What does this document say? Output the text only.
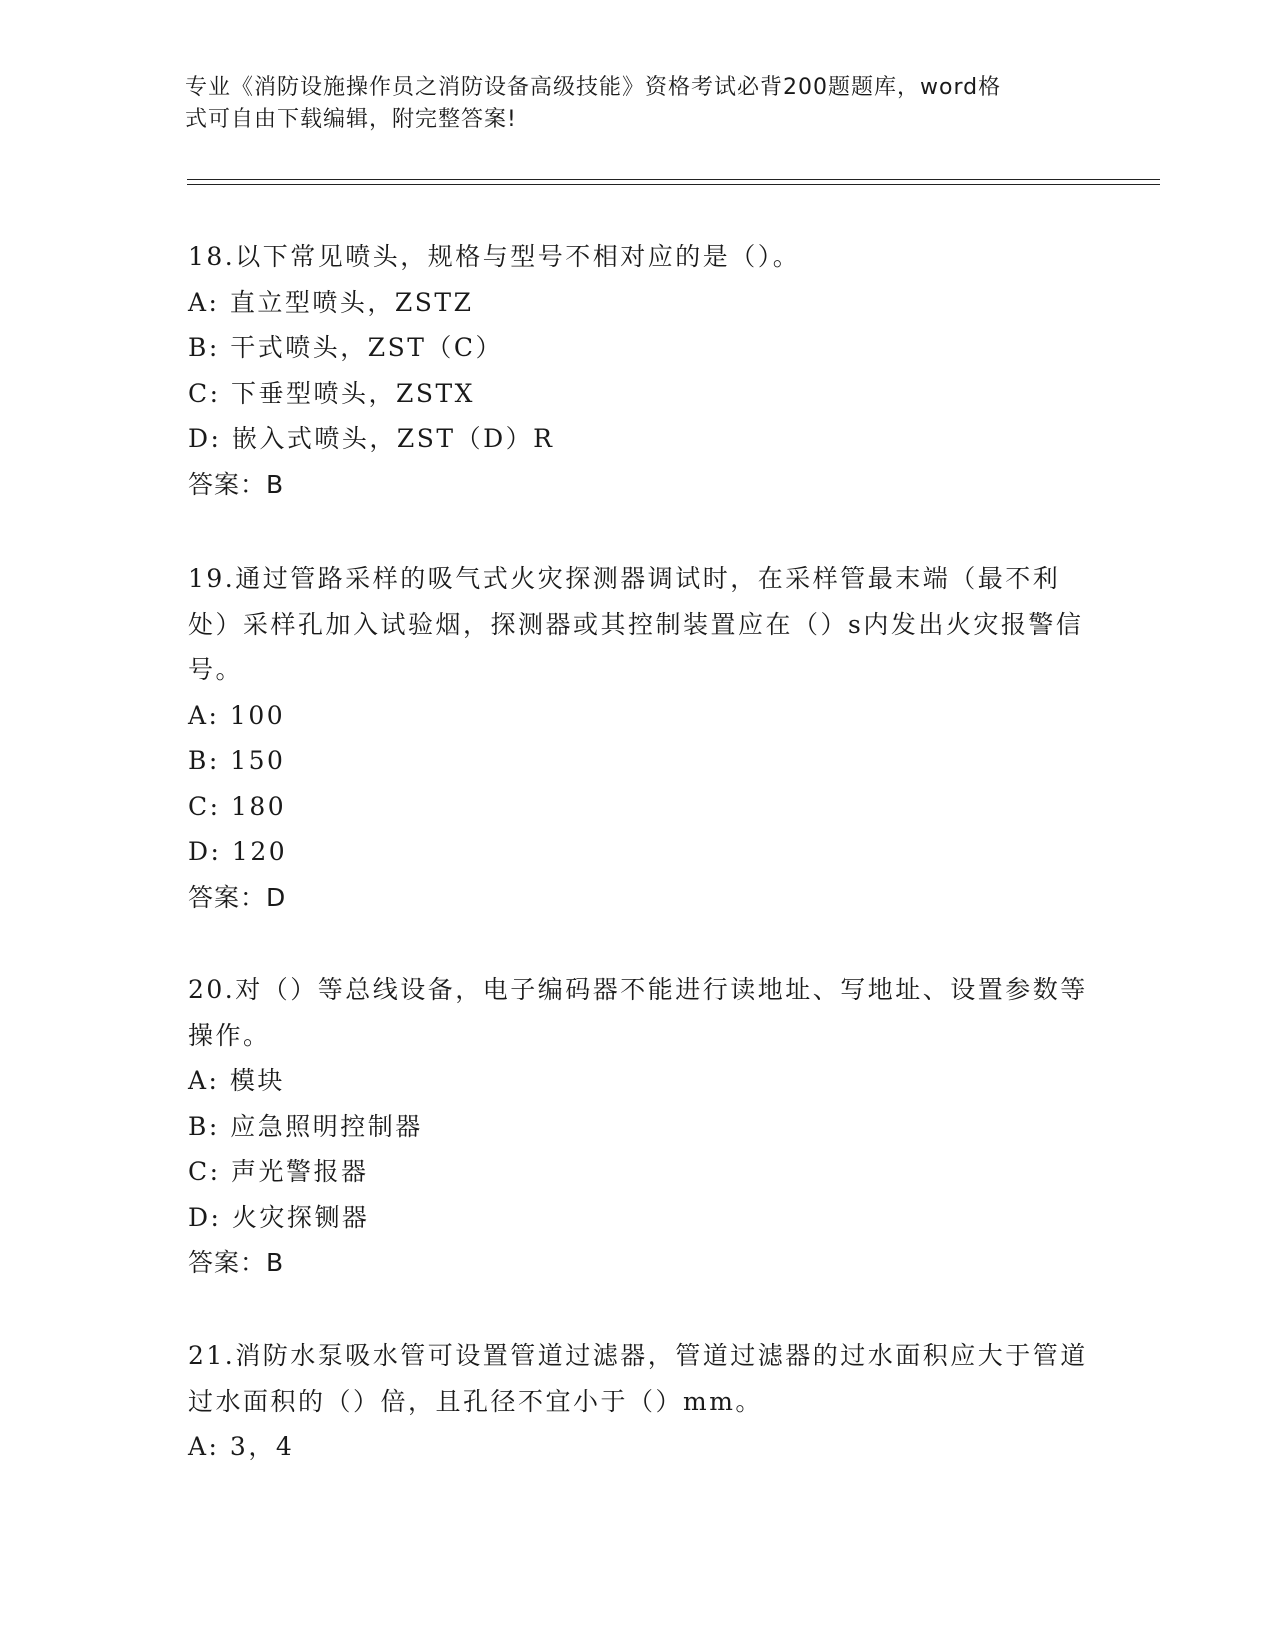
专业《消防设施操作员之消防设备高级技能》资格考试必背200题题库，word格
式可自由下载编辑，附完整答案!

18.以下常见喷头，规格与型号不相对应的是（）。

A: 直立型喷头，ZSTZ

B: 干式喷头，ZST（C）

C: 下垂型喷头，ZSTX

D: 嵌入式喷头，ZST（D）R

答案：B

19.通过管路采样的吸气式火灾探测器调试时，在采样管最末端（最不利处）采样孔加入试验烟，探测器或其控制装置应在（）s内发出火灾报警信号。

A: 100

B: 150

C: 180

D: 120

答案：D

20.对（）等总线设备，电子编码器不能进行读地址、写地址、设置参数等操作。

A: 模块

B: 应急照明控制器

C: 声光警报器

D: 火灾探铡器

答案：B

21.消防水泵吸水管可设置管道过滤器，管道过滤器的过水面积应大于管道过水面积的（）倍，且孔径不宜小于（）mm。

A: 3，4
